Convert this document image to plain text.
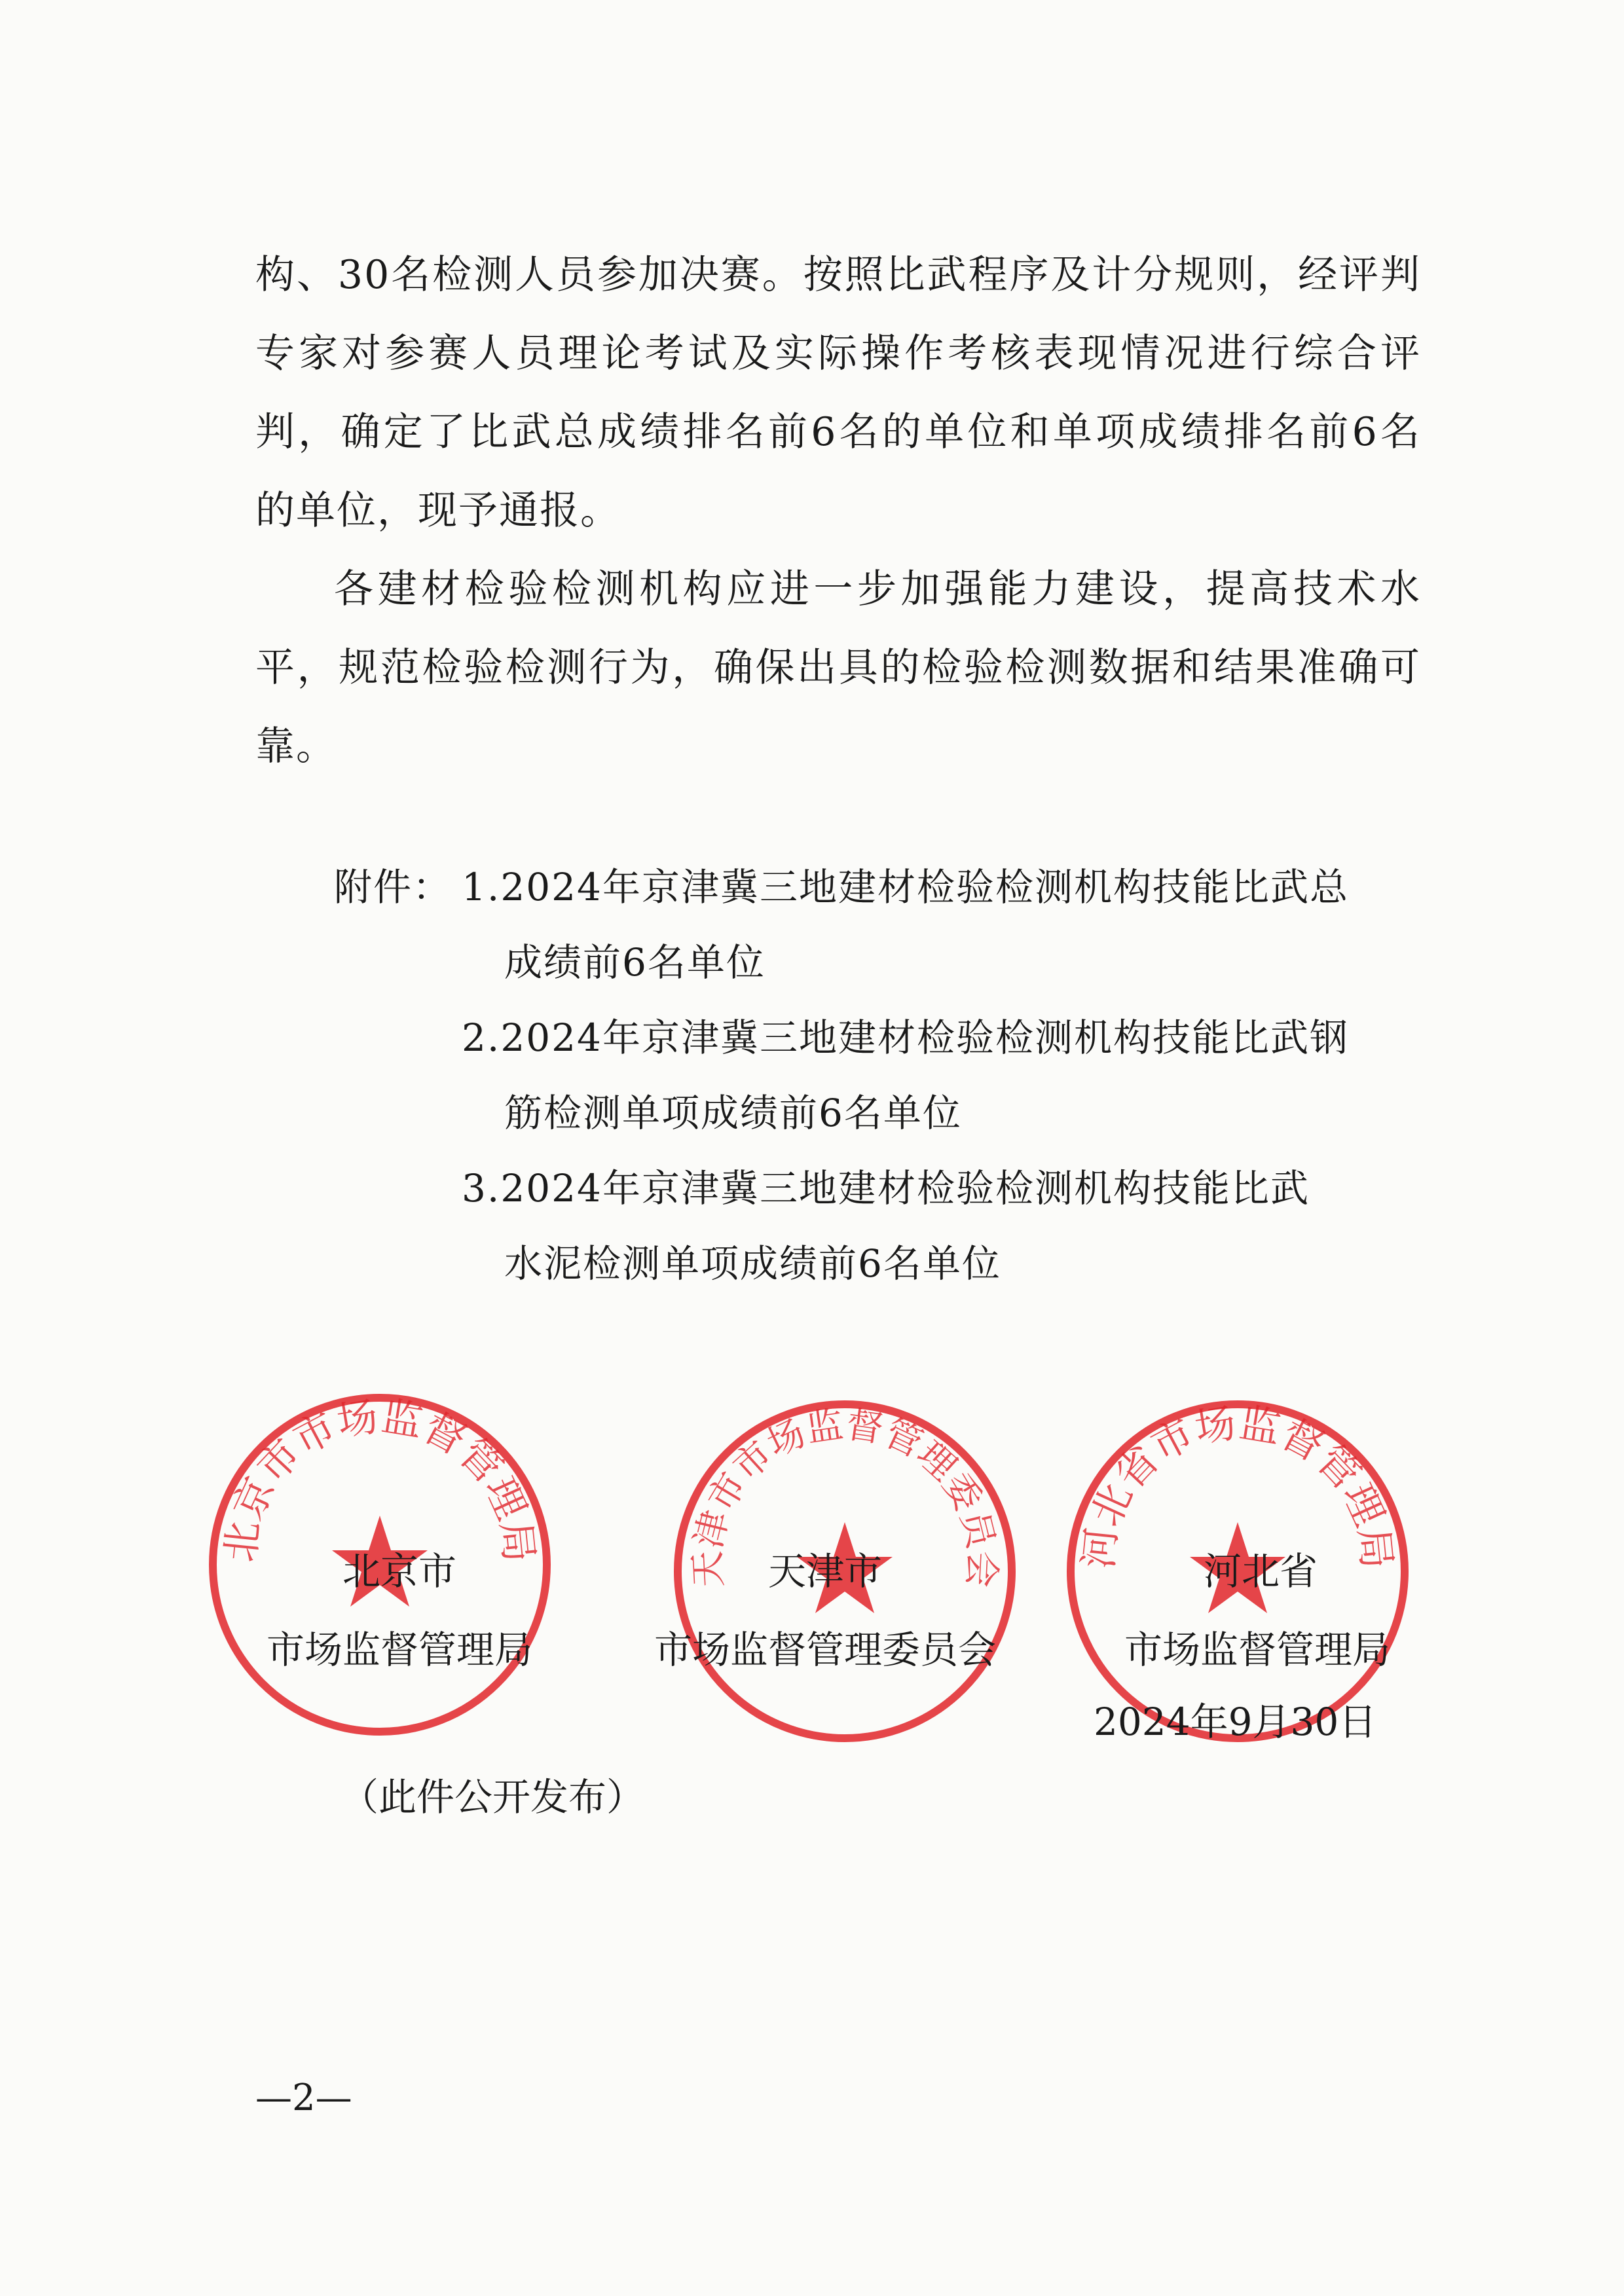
构、30名检测人员参加决赛。按照比武程序及计分规则，经评判
专家对参赛人员理论考试及实际操作考核表现情况进行综合评
判，确定了比武总成绩排名前6名的单位和单项成绩排名前6名
的单位，现予通报。
各建材检验检测机构应进一步加强能力建设，提高技术水
平，规范检验检测行为，确保出具的检验检测数据和结果准确可
靠。
附件： 1.2024年京津冀三地建材检验检测机构技能比武总
成绩前6名单位
2.2024年京津冀三地建材检验检测机构技能比武钢
筋检测单项成绩前6名单位
3.2024年京津冀三地建材检验检测机构技能比武
水泥检测单项成绩前6名单位
北京市市场监督管理局
天津市市场监督管理委员会 河北省市场监督管理局
北京市
市场监督管理局
天津市
市场监督管理委员会
河北省
市场监督管理局
2024年9月30日
（此件公开发布）
—2—
